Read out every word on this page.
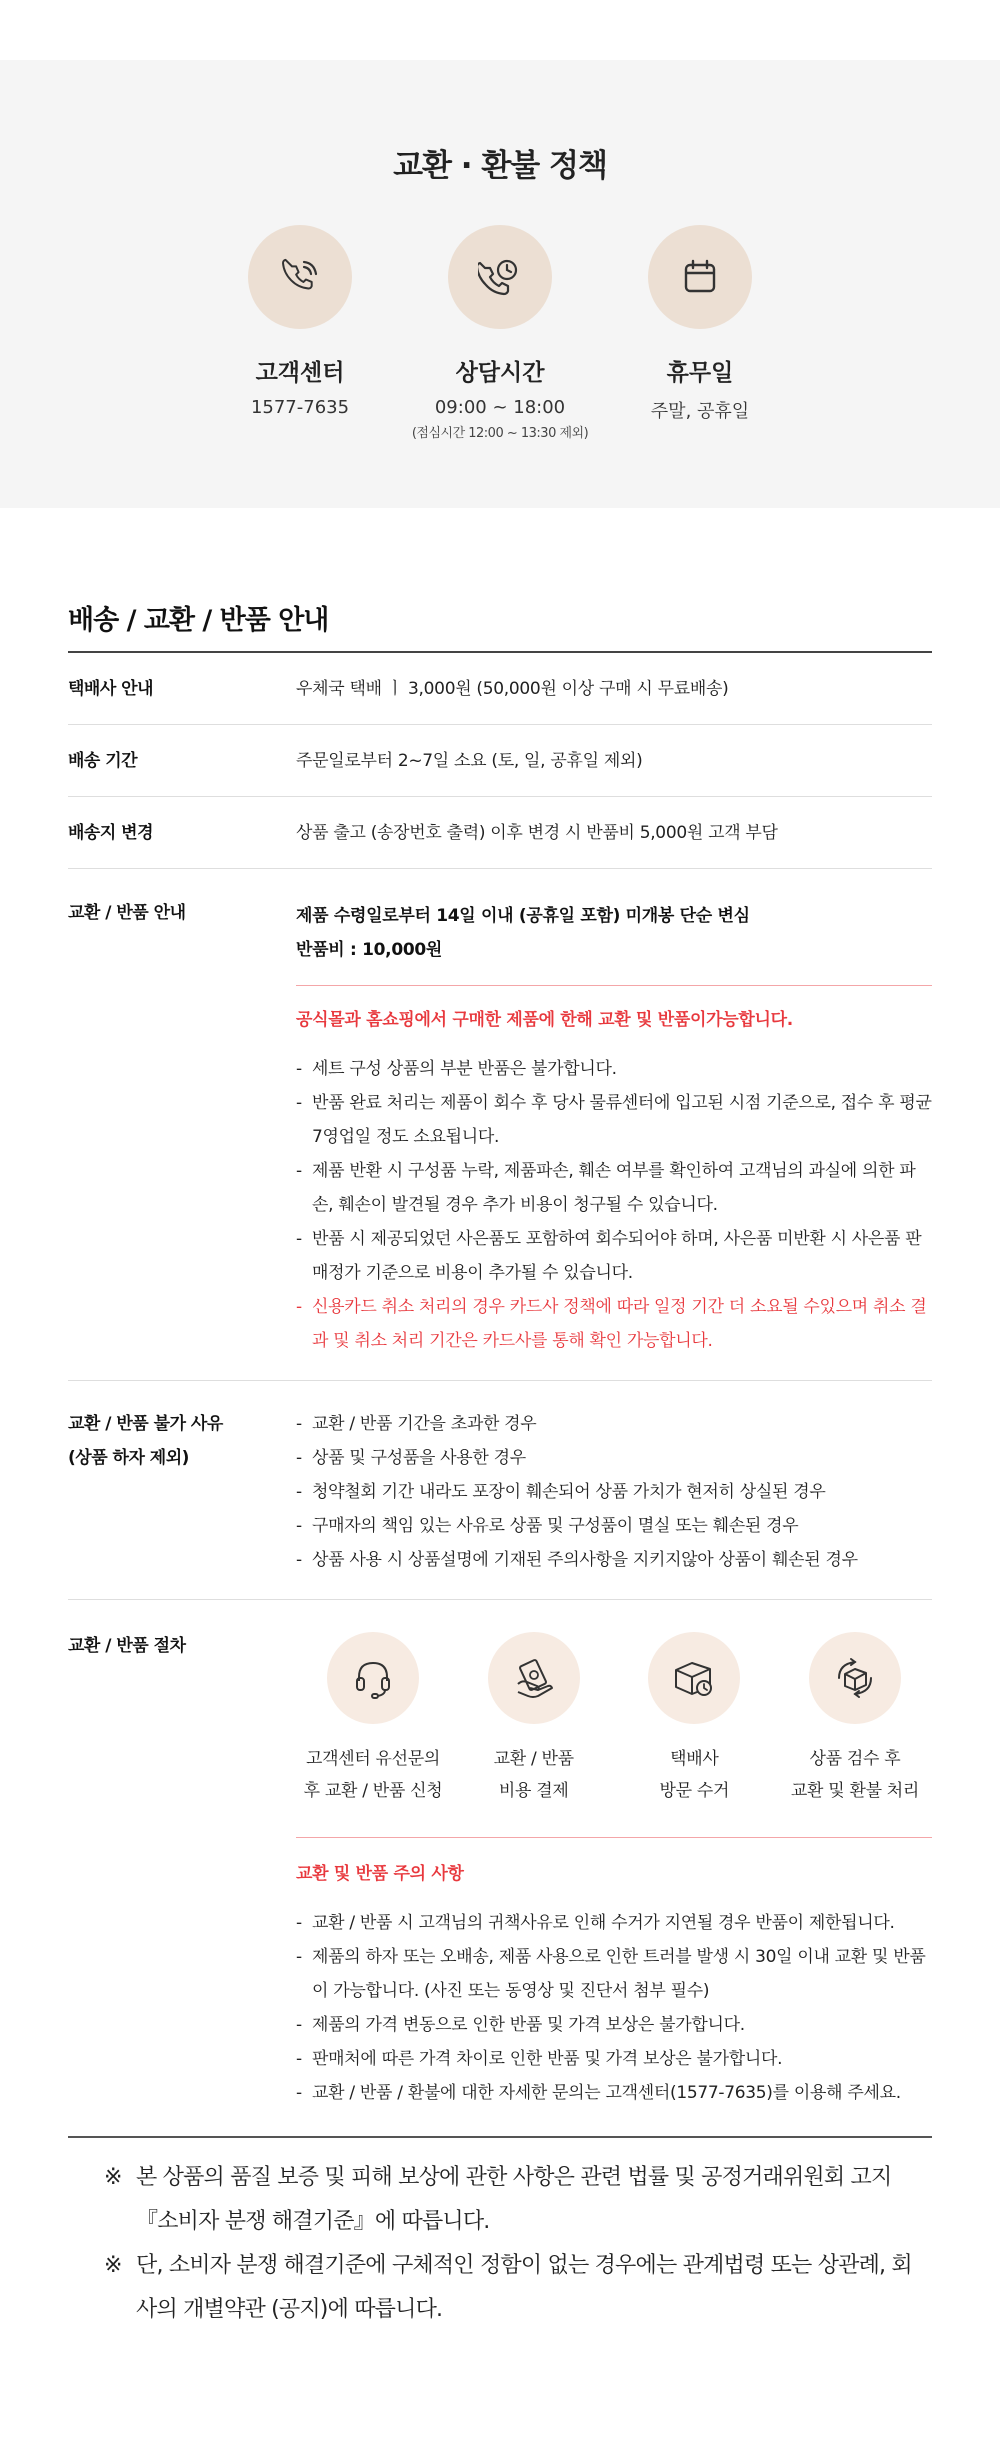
교환 · 환불 정책
고객센터
1577-7635
상담시간
09:00 ~ 18:00
(점심시간 12:00 ~ 13:30 제외)
휴무일
주말, 공휴일
배송 / 교환 / 반품 안내
택배사 안내	우체국 택배 ㅣ 3,000원 (50,000원 이상 구매 시 무료배송)
배송 기간	주문일로부터 2~7일 소요 (토, 일, 공휴일 제외)
배송지 변경	상품 출고 (송장번호 출력) 이후 변경 시 반품비 5,000원 고객 부담
교환 / 반품 안내	제품 수령일로부터 14일 이내 (공휴일 포함) 미개봉 단순 변심
반품비 : 10,000원
공식몰과 홈쇼핑에서 구매한 제품에 한해 교환 및 반품이가능합니다.
- 세트 구성 상품의 부분 반품은 불가합니다.
- 반품 완료 처리는 제품이 회수 후 당사 물류센터에 입고된 시점 기준으로, 접수 후 평균 7영업일 정도 소요됩니다.
- 제품 반환 시 구성품 누락, 제품파손, 훼손 여부를 확인하여 고객님의 과실에 의한 파손, 훼손이 발견될 경우 추가 비용이 청구될 수 있습니다.
- 반품 시 제공되었던 사은품도 포함하여 회수되어야 하며, 사은품 미반환 시 사은품 판매정가 기준으로 비용이 추가될 수 있습니다.
- 신용카드 취소 처리의 경우 카드사 정책에 따라 일정 기간 더 소요될 수있으며 취소 결과 및 취소 처리 기간은 카드사를 통해 확인 가능합니다.
교환 / 반품 불가 사유
(상품 하자 제외)
- 교환 / 반품 기간을 초과한 경우
- 상품 및 구성품을 사용한 경우
- 청약철회 기간 내라도 포장이 훼손되어 상품 가치가 현저히 상실된 경우
- 구매자의 책임 있는 사유로 상품 및 구성품이 멸실 또는 훼손된 경우
- 상품 사용 시 상품설명에 기재된 주의사항을 지키지않아 상품이 훼손된 경우
교환 / 반품 절차
고객센터 유선문의
후 교환 / 반품 신청
교환 / 반품
비용 결제
택배사
방문 수거
상품 검수 후
교환 및 환불 처리
교환 및 반품 주의 사항
- 교환 / 반품 시 고객님의 귀책사유로 인해 수거가 지연될 경우 반품이 제한됩니다.
- 제품의 하자 또는 오배송, 제품 사용으로 인한 트러블 발생 시 30일 이내 교환 및 반품이 가능합니다. (사진 또는 동영상 및 진단서 첨부 필수)
- 제품의 가격 변동으로 인한 반품 및 가격 보상은 불가합니다.
- 판매처에 따른 가격 차이로 인한 반품 및 가격 보상은 불가합니다.
- 교환 / 반품 / 환불에 대한 자세한 문의는 고객센터(1577-7635)를 이용해 주세요.
※ 본 상품의 품질 보증 및 피해 보상에 관한 사항은 관련 법률 및 공정거래위원회 고지 『소비자 분쟁 해결기준』에 따릅니다.
※ 단, 소비자 분쟁 해결기준에 구체적인 정함이 없는 경우에는 관계법령 또는 상관례, 회사의 개별약관 (공지)에 따릅니다.
